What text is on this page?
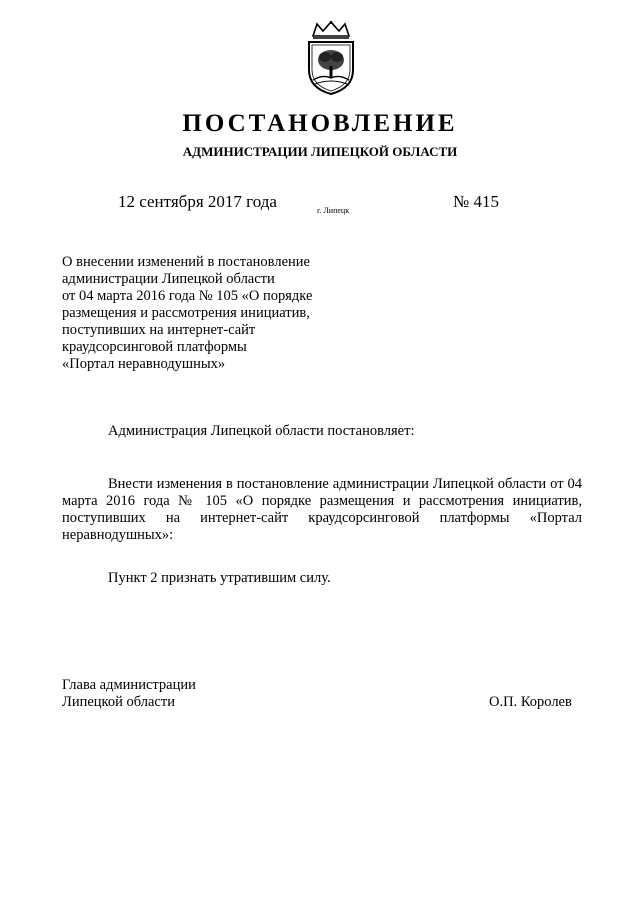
ПОСТАНОВЛЕНИЕ
АДМИНИСТРАЦИИ ЛИПЕЦКОЙ ОБЛАСТИ
12 сентября 2017 года	г. Липецк	№ 415
О внесении изменений в постановление
администрации Липецкой области
от 04 марта 2016 года № 105 «О порядке
размещения и рассмотрения инициатив,
поступивших на интернет-сайт
краудсорсинговой платформы
«Портал неравнодушных»
Администрация Липецкой области постановляет:
Внести изменения в постановление администрации Липецкой области от 04 марта 2016 года № 105 «О порядке размещения и рассмотрения инициатив, поступивших на интернет-сайт краудсорсинговой платформы «Портал неравнодушных»:
Пункт 2 признать утратившим силу.
Глава администрации
Липецкой области	О.П. Королев
